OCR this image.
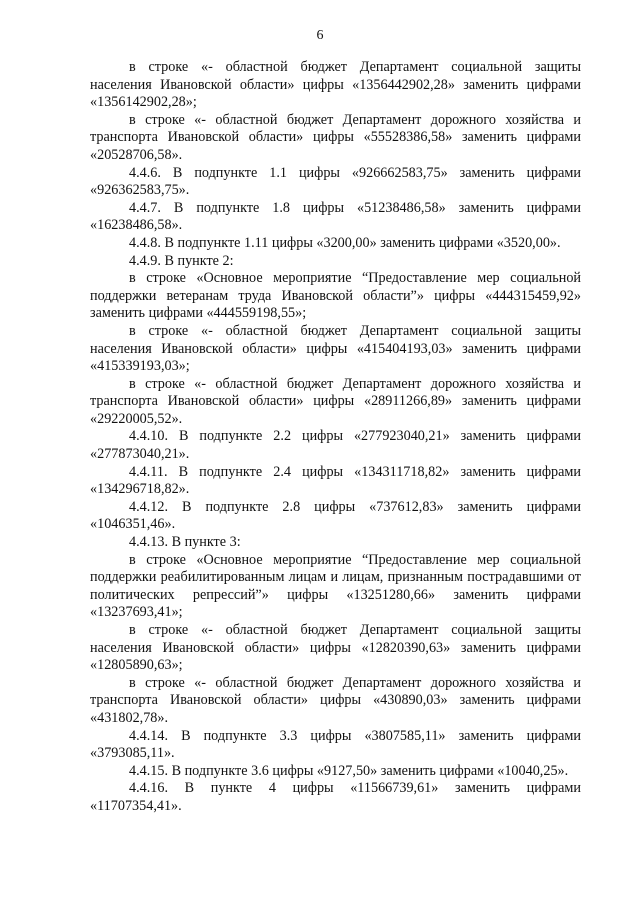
6

в строке «- областной бюджет Департамент социальной защиты населения Ивановской области» цифры «1356442902,28» заменить цифрами «1356142902,28»;

в строке «- областной бюджет Департамент дорожного хозяйства и транспорта Ивановской области» цифры «55528386,58» заменить цифрами «20528706,58».

4.4.6. В подпункте 1.1 цифры «926662583,75» заменить цифрами «926362583,75».

4.4.7. В подпункте 1.8 цифры «51238486,58» заменить цифрами «16238486,58».

4.4.8. В подпункте 1.11 цифры «3200,00» заменить цифрами «3520,00».

4.4.9. В пункте 2:

в строке «Основное мероприятие “Предоставление мер социальной поддержки ветеранам труда Ивановской области”» цифры «444315459,92» заменить цифрами «444559198,55»;

в строке «- областной бюджет Департамент социальной защиты населения Ивановской области» цифры «415404193,03» заменить цифрами «415339193,03»;

в строке «- областной бюджет Департамент дорожного хозяйства и транспорта Ивановской области» цифры «28911266,89» заменить цифрами «29220005,52».

4.4.10. В подпункте 2.2 цифры «277923040,21» заменить цифрами «277873040,21».

4.4.11. В подпункте 2.4 цифры «134311718,82» заменить цифрами «134296718,82».

4.4.12. В подпункте 2.8 цифры «737612,83» заменить цифрами «1046351,46».

4.4.13. В пункте 3:

в строке «Основное мероприятие “Предоставление мер социальной поддержки реабилитированным лицам и лицам, признанным пострадавшими от политических репрессий”» цифры «13251280,66» заменить цифрами «13237693,41»;

в строке «- областной бюджет Департамент социальной защиты населения Ивановской области» цифры «12820390,63» заменить цифрами «12805890,63»;

в строке «- областной бюджет Департамент дорожного хозяйства и транспорта Ивановской области» цифры «430890,03» заменить цифрами «431802,78».

4.4.14. В подпункте 3.3 цифры «3807585,11» заменить цифрами «3793085,11».

4.4.15. В подпункте 3.6 цифры «9127,50» заменить цифрами «10040,25».

4.4.16. В пункте 4 цифры «11566739,61» заменить цифрами «11707354,41».
